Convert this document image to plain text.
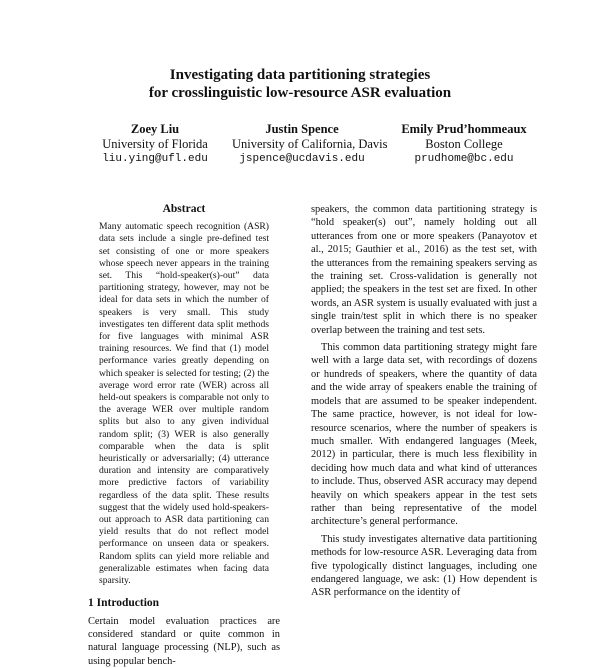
Investigating data partitioning strategies
for crosslinguistic low-resource ASR evaluation
Zoey Liu
University of Florida
liu.ying@ufl.edu
Justin Spence
University of California, Davis
jspence@ucdavis.edu
Emily Prud’hommeaux
Boston College
prudhome@bc.edu
Abstract

Many automatic speech recognition (ASR) data sets include a single pre-defined test set consisting of one or more speakers whose speech never appears in the training set. This “hold-speaker(s)-out” data partitioning strategy, however, may not be ideal for data sets in which the number of speakers is very small. This study investigates ten different data split methods for five languages with minimal ASR training resources. We find that (1) model performance varies greatly depending on which speaker is selected for testing; (2) the average word error rate (WER) across all held-out speakers is comparable not only to the average WER over multiple random splits but also to any given individual random split; (3) WER is also generally comparable when the data is split heuristically or adversarially; (4) utterance duration and intensity are comparatively more predictive factors of variability regardless of the data split. These results suggest that the widely used hold-speakers-out approach to ASR data partitioning can yield results that do not reflect model performance on unseen data or speakers. Random splits can yield more reliable and generalizable estimates when facing data sparsity.

1 Introduction

Certain model evaluation practices are considered standard or quite common in natural language processing (NLP), such as using popular bench-

speakers, the common data partitioning strategy is “hold speaker(s) out”, namely holding out all utterances from one or more speakers (Panayotov et al., 2015; Gauthier et al., 2016) as the test set, with the utterances from the remaining speakers serving as the training set. Cross-validation is generally not applied; the speakers in the test set are fixed. In other words, an ASR system is usually evaluated with just a single train/test split in which there is no speaker overlap between the training and test sets.

This common data partitioning strategy might fare well with a large data set, with recordings of dozens or hundreds of speakers, where the quantity of data and the wide array of speakers enable the training of models that are assumed to be speaker independent. The same practice, however, is not ideal for low-resource scenarios, where the number of speakers is much smaller. With endangered languages (Meek, 2012) in particular, there is much less flexibility in deciding how much data and what kind of utterances to include. Thus, observed ASR accuracy may depend heavily on which speakers appear in the test sets rather than being representative of the model architecture’s general performance.

This study investigates alternative data partitioning methods for low-resource ASR. Leveraging data from five typologically distinct languages, including one endangered language, we ask: (1) How dependent is ASR performance on the identity of
